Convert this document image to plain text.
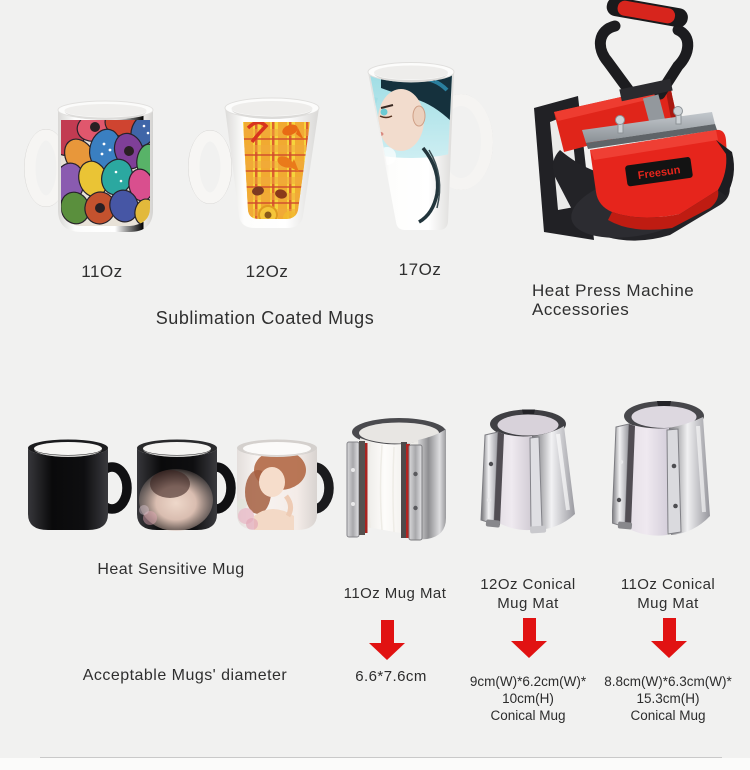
Freesun
11Oz	12Oz	17Oz
Sublimation Coated Mugs
Heat Press Machine
Accessories
Heat Sensitive Mug
11Oz Mug Mat
12Oz Conical
Mug Mat
11Oz Conical
Mug Mat
Acceptable Mugs' diameter	6.6*7.6cm	9cm(W)*6.2cm(W)*
10cm(H)
Conical Mug
8.8cm(W)*6.3cm(W)*
15.3cm(H)
Conical Mug
